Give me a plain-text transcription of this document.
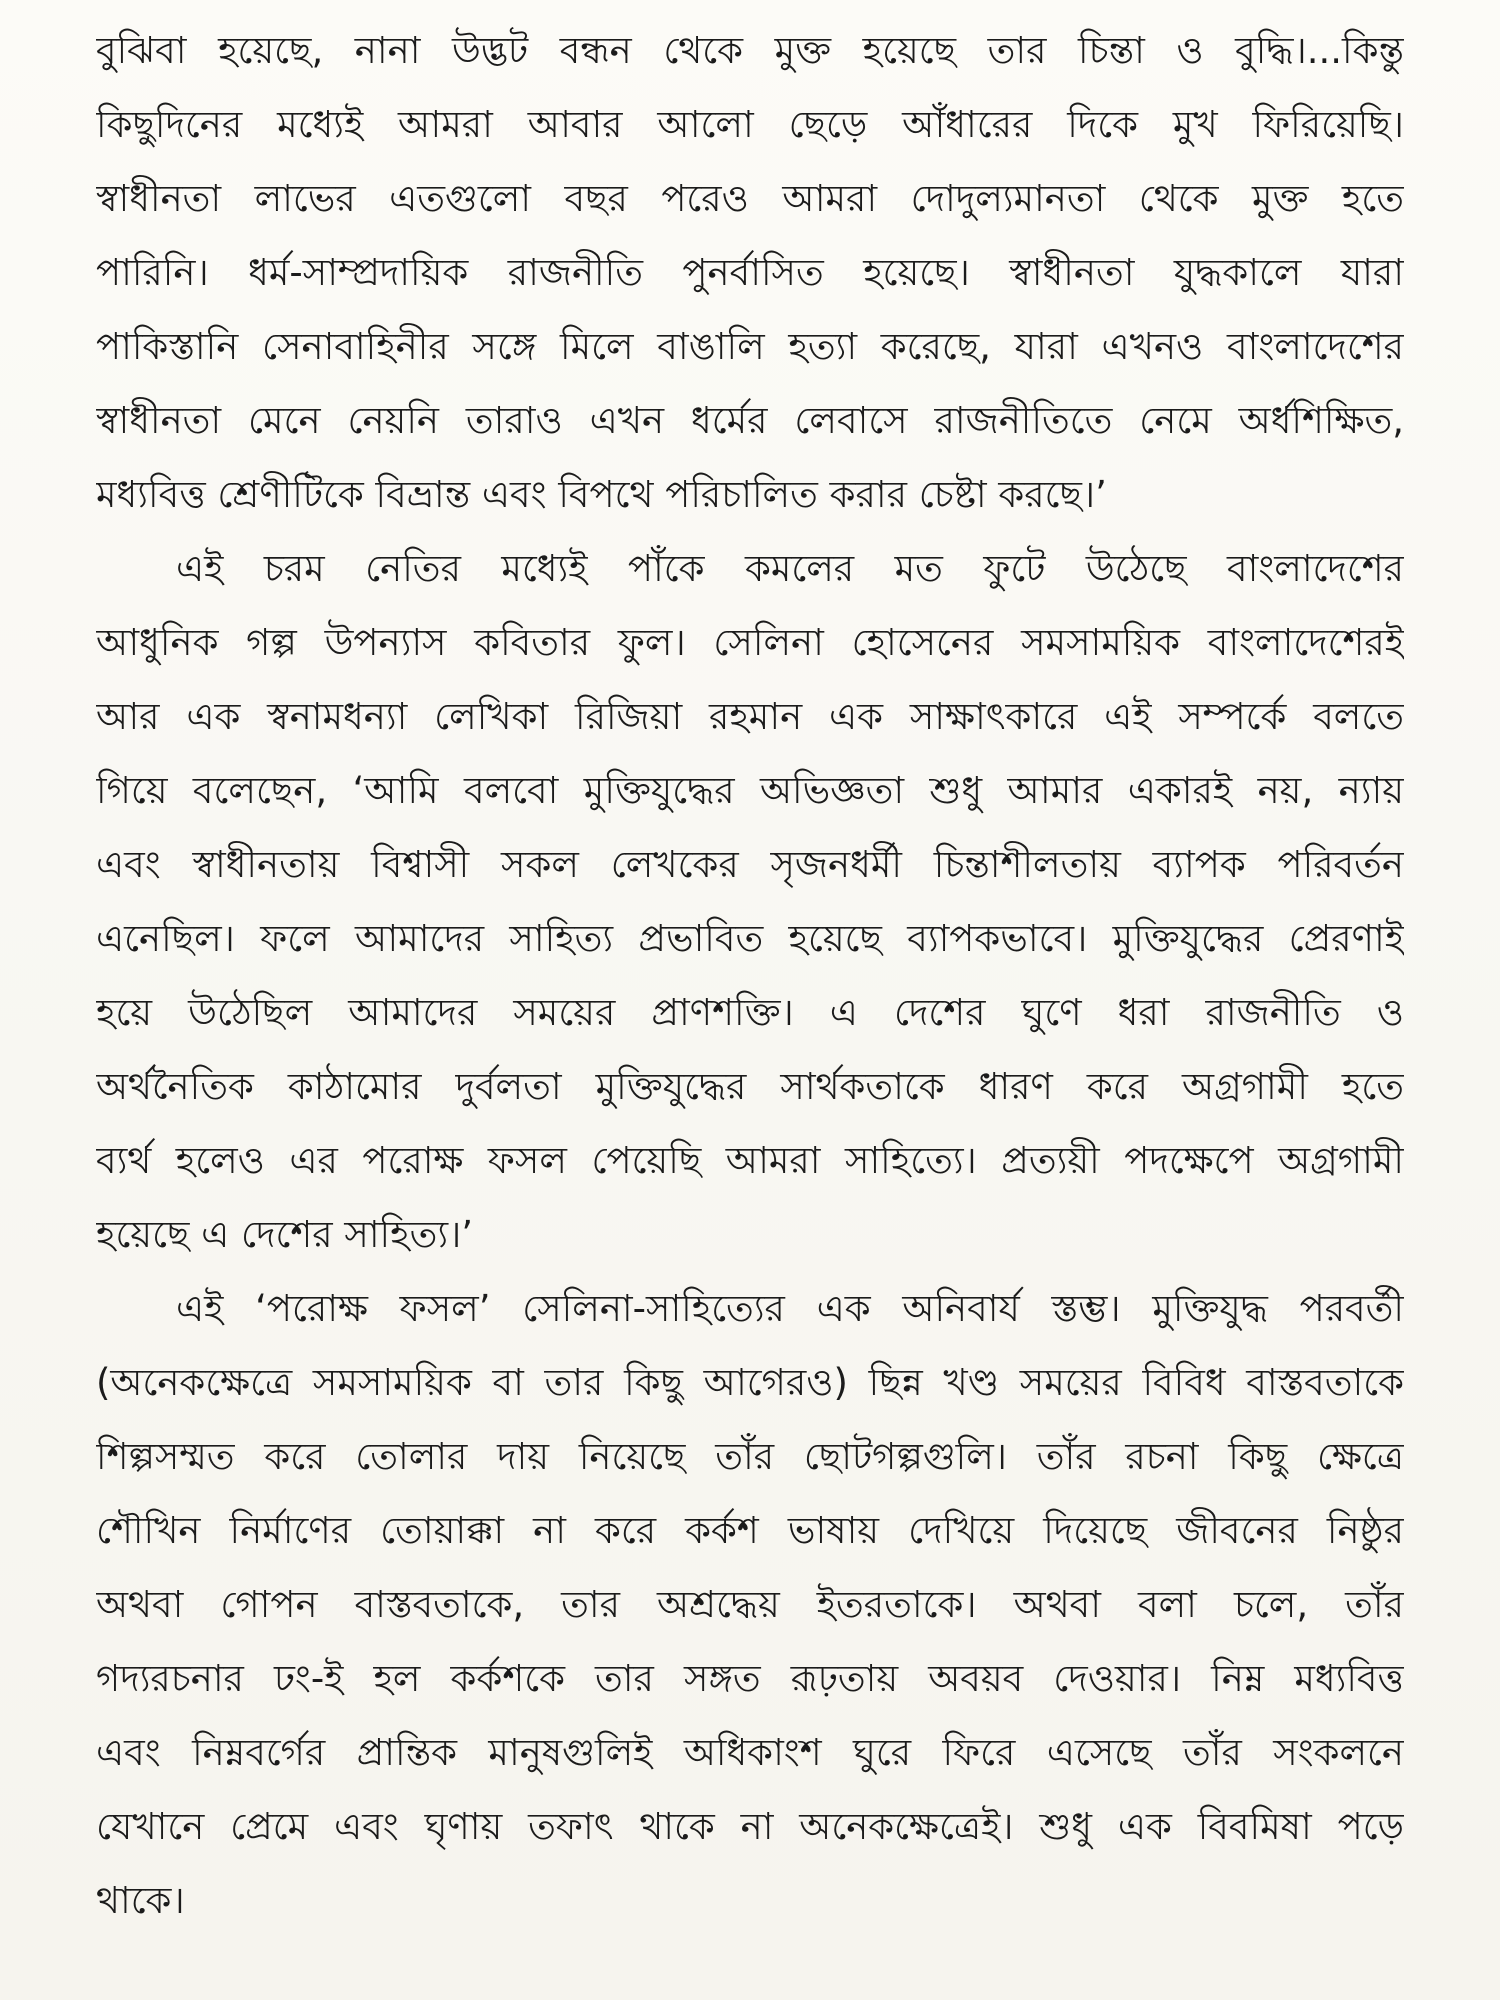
বুঝিবা হয়েছে, নানা উদ্ভট বন্ধন থেকে মুক্ত হয়েছে তার চিন্তা ও বুদ্ধি।...কিন্তু
কিছুদিনের মধ্যেই আমরা আবার আলো ছেড়ে আঁধারের দিকে মুখ ফিরিয়েছি।
স্বাধীনতা লাভের এতগুলো বছর পরেও আমরা দোদুল্যমানতা থেকে মুক্ত হতে
পারিনি। ধর্ম-সাম্প্রদায়িক রাজনীতি পুনর্বাসিত হয়েছে। স্বাধীনতা যুদ্ধকালে যারা
পাকিস্তানি সেনাবাহিনীর সঙ্গে মিলে বাঙালি হত্যা করেছে, যারা এখনও বাংলাদেশের
স্বাধীনতা মেনে নেয়নি তারাও এখন ধর্মের লেবাসে রাজনীতিতে নেমে অর্ধশিক্ষিত,
মধ্যবিত্ত শ্রেণীটিকে বিভ্রান্ত এবং বিপথে পরিচালিত করার চেষ্টা করছে।’
এই চরম নেতির মধ্যেই পাঁকে কমলের মত ফুটে উঠেছে বাংলাদেশের
আধুনিক গল্প উপন্যাস কবিতার ফুল। সেলিনা হোসেনের সমসাময়িক বাংলাদেশেরই
আর এক স্বনামধন্যা লেখিকা রিজিয়া রহমান এক সাক্ষাৎকারে এই সম্পর্কে বলতে
গিয়ে বলেছেন, ‘আমি বলবো মুক্তিযুদ্ধের অভিজ্ঞতা শুধু আমার একারই নয়, ন্যায়
এবং স্বাধীনতায় বিশ্বাসী সকল লেখকের সৃজনধর্মী চিন্তাশীলতায় ব্যাপক পরিবর্তন
এনেছিল। ফলে আমাদের সাহিত্য প্রভাবিত হয়েছে ব্যাপকভাবে। মুক্তিযুদ্ধের প্রেরণাই
হয়ে উঠেছিল আমাদের সময়ের প্রাণশক্তি। এ দেশের ঘুণে ধরা রাজনীতি ও
অর্থনৈতিক কাঠামোর দুর্বলতা মুক্তিযুদ্ধের সার্থকতাকে ধারণ করে অগ্রগামী হতে
ব্যর্থ হলেও এর পরোক্ষ ফসল পেয়েছি আমরা সাহিত্যে। প্রত্যয়ী পদক্ষেপে অগ্রগামী
হয়েছে এ দেশের সাহিত্য।’
এই ‘পরোক্ষ ফসল’ সেলিনা-সাহিত্যের এক অনিবার্য স্তম্ভ। মুক্তিযুদ্ধ পরবর্তী
(অনেকক্ষেত্রে সমসাময়িক বা তার কিছু আগেরও) ছিন্ন খণ্ড সময়ের বিবিধ বাস্তবতাকে
শিল্পসম্মত করে তোলার দায় নিয়েছে তাঁর ছোটগল্পগুলি। তাঁর রচনা কিছু ক্ষেত্রে
শৌখিন নির্মাণের তোয়াক্কা না করে কর্কশ ভাষায় দেখিয়ে দিয়েছে জীবনের নিষ্ঠুর
অথবা গোপন বাস্তবতাকে, তার অশ্রদ্ধেয় ইতরতাকে। অথবা বলা চলে, তাঁর
গদ্যরচনার ঢং-ই হল কর্কশকে তার সঙ্গত রূঢ়তায় অবয়ব দেওয়ার। নিম্ন মধ্যবিত্ত
এবং নিম্নবর্গের প্রান্তিক মানুষগুলিই অধিকাংশ ঘুরে ফিরে এসেছে তাঁর সংকলনে
যেখানে প্রেমে এবং ঘৃণায় তফাৎ থাকে না অনেকক্ষেত্রেই। শুধু এক বিবমিষা পড়ে
থাকে।
